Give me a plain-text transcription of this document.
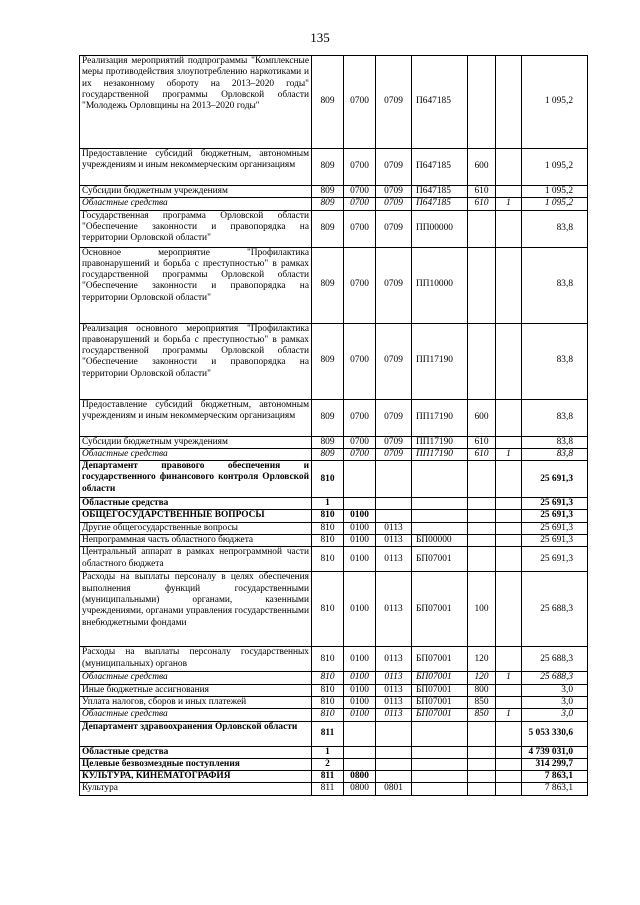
135
Реализация мероприятий подпрограммы "Комплексные меры противодействия злоупотреблению наркотиками и их незаконному обороту на 2013–2020 годы" государственной программы Орловской области "Молодежь Орловщины на 2013–2020 годы"	809	0700	0709	П647185			1 095,2
Предоставление субсидий бюджетным, автономным учреждениям и иным некоммерческим организациям	809	0700	0709	П647185	600		1 095,2
Субсидии бюджетным учреждениям	809	0700	0709	П647185	610		1 095,2
Областные средства	809	0700	0709	П647185	610	1	1 095,2
Государственная программа Орловской области "Обеспечение законности и правопорядка на территории Орловской области"	809	0700	0709	ПП00000			83,8
Основное мероприятие "Профилактика правонарушений и борьба с преступностью" в рамках государственной программы Орловской области "Обеспечение законности и правопорядка на территории Орловской области"	809	0700	0709	ПП10000			83,8
Реализация основного мероприятия "Профилактика правонарушений и борьба с преступностью" в рамках государственной программы Орловской области "Обеспечение законности и правопорядка на территории Орловской области"	809	0700	0709	ПП17190			83,8
Предоставление субсидий бюджетным, автономным учреждениям и иным некоммерческим организациям	809	0700	0709	ПП17190	600		83,8
Субсидии бюджетным учреждениям	809	0700	0709	ПП17190	610		83,8
Областные средства	809	0700	0709	ПП17190	610	1	83,8
Департамент правового обеспечения и государственного финансового контроля Орловской области	810						25 691,3
Областные средства	1						25 691,3
ОБЩЕГОСУДАРСТВЕННЫЕ ВОПРОСЫ	810	0100					25 691,3
Другие общегосударственные вопросы	810	0100	0113				25 691,3
Непрограммная часть областного бюджета	810	0100	0113	БП00000			25 691,3
Центральный аппарат в рамках непрограммной части областного бюджета	810	0100	0113	БП07001			25 691,3
Расходы на выплаты персоналу в целях обеспечения выполнения функций государственными (муниципальными) органами, казенными учреждениями, органами управления государственными внебюджетными фондами	810	0100	0113	БП07001	100		25 688,3
Расходы на выплаты персоналу государственных (муниципальных) органов	810	0100	0113	БП07001	120		25 688,3
Областные средства	810	0100	0113	БП07001	120	1	25 688,3
Иные бюджетные ассигнования	810	0100	0113	БП07001	800		3,0
Уплата налогов, сборов и иных платежей	810	0100	0113	БП07001	850		3,0
Областные средства	810	0100	0113	БП07001	850	1	3,0
Департамент здравоохранения Орловской области	811						5 053 330,6
Областные средства	1						4 739 031,0
Целевые безвозмездные поступления	2						314 299,7
КУЛЬТУРА, КИНЕМАТОГРАФИЯ	811	0800					7 863,1
Культура	811	0800	0801				7 863,1
